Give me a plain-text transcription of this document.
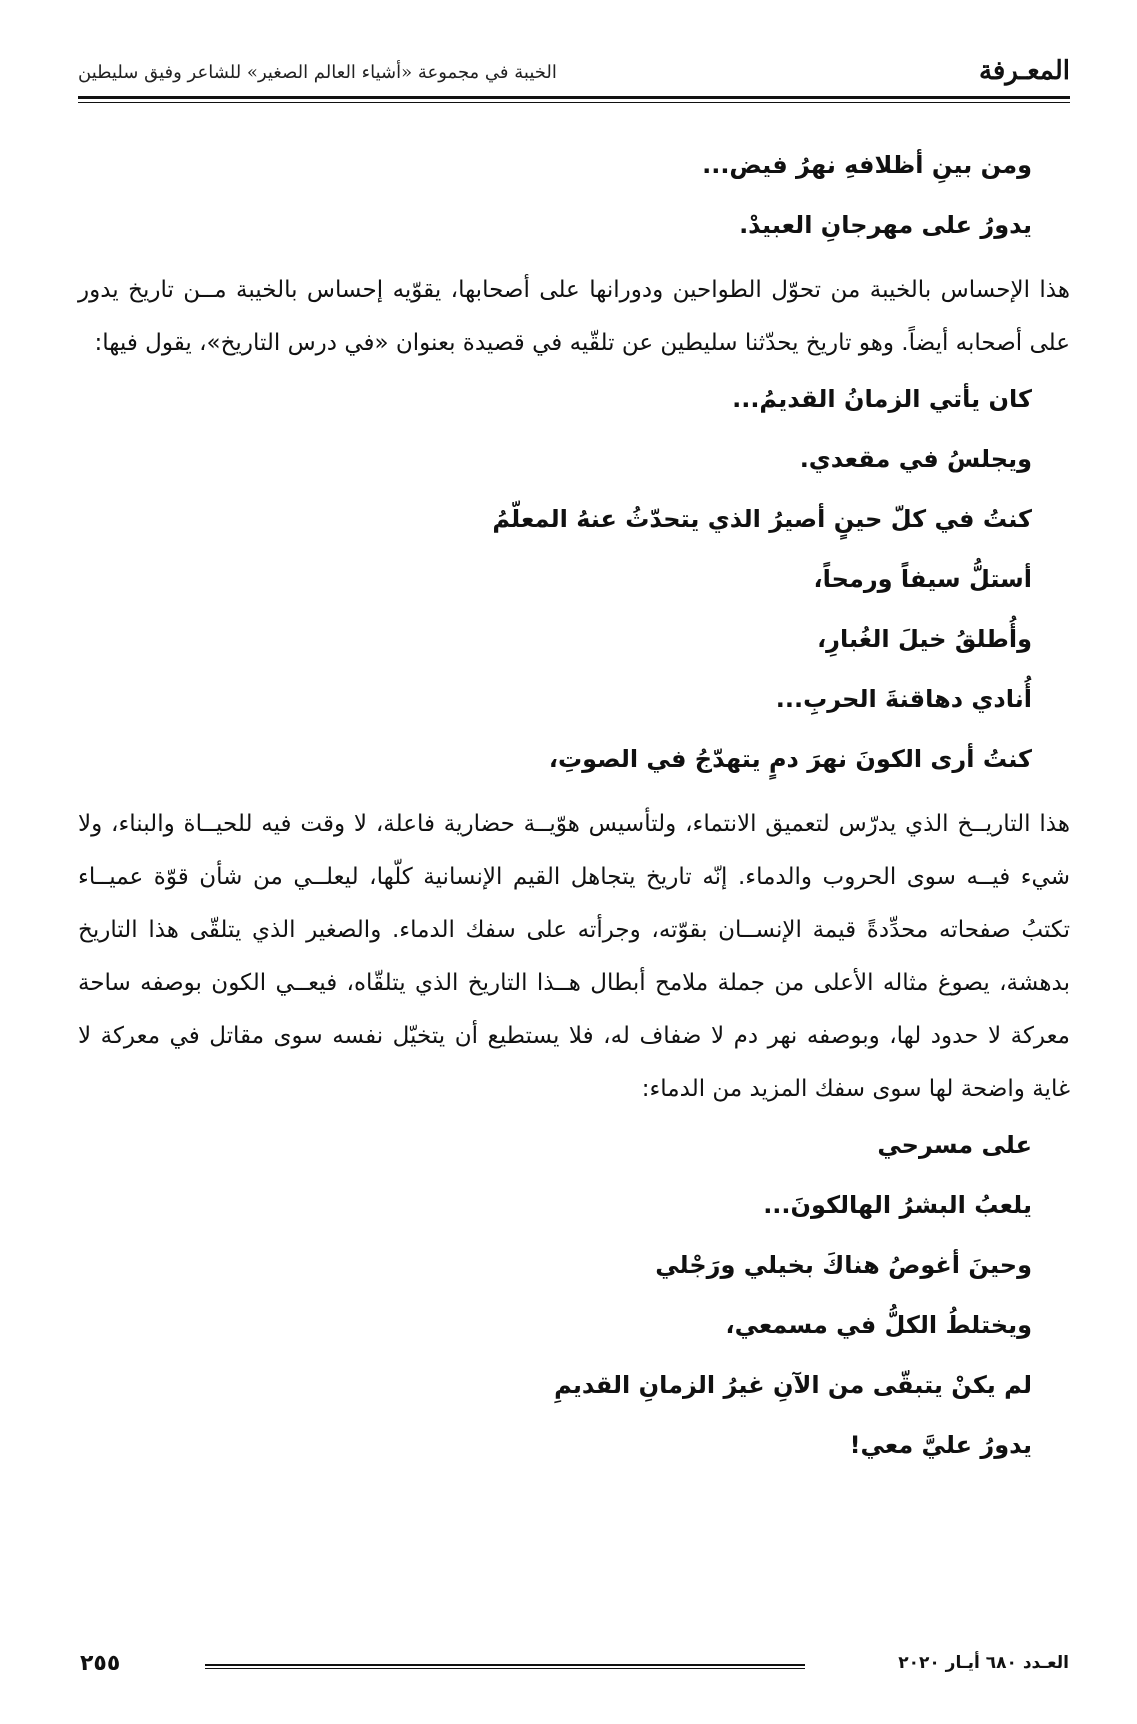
المعـرفة
الخيبة في مجموعة «أشياء العالم الصغير» للشاعر وفيق سليطين

ومن بينِ أظلافهِ نهرُ فيض...

يدورُ على مهرجانِ العبيدْ.

هذا الإحساس بالخيبة من تحوّل الطواحين ودورانها على أصحابها، يقوّيه إحساس بالخيبة مــن تاريخ يدور على أصحابه أيضاً. وهو تاريخ يحدّثنا سليطين عن تلقّيه في قصيدة بعنوان «في درس التاريخ»، يقول فيها:

كان يأتي الزمانُ القديمُ...

ويجلسُ في مقعدي.

كنتُ في كلّ حينٍ أصيرُ الذي يتحدّثُ عنهُ المعلّمُ

أستلُّ سيفاً ورمحاً،

وأُطلقُ خيلَ الغُبارِ،

أُنادي دهاقنةَ الحربِ...

كنتُ أرى الكونَ نهرَ دمٍ يتهدّجُ في الصوتِ،

هذا التاريــخ الذي يدرّس لتعميق الانتماء، ولتأسيس هوّيــة حضارية فاعلة، لا وقت فيه للحيــاة والبناء، ولا شيء فيــه سوى الحروب والدماء. إنّه تاريخ يتجاهل القيم الإنسانية كلّها، ليعلــي من شأن قوّة عميــاء تكتبُ صفحاته محدِّدةً قيمة الإنســان بقوّته، وجرأته على سفك الدماء. والصغير الذي يتلقّى هذا التاريخ بدهشة، يصوغ مثاله الأعلى من جملة ملامح أبطال هــذا التاريخ الذي يتلقّاه، فيعــي الكون بوصفه ساحة معركة لا حدود لها، وبوصفه نهر دم لا ضفاف له، فلا يستطيع أن يتخيّل نفسه سوى مقاتل في معركة لا غاية واضحة لها سوى سفك المزيد من الدماء:

على مسرحي

يلعبُ البشرُ الهالكونَ...

وحينَ أغوصُ هناكَ بخيلي ورَجْلي

ويختلطُ الكلُّ في مسمعي،

لم يكنْ يتبقّى من الآنِ غيرُ الزمانِ القديمِ

يدورُ عليَّ معي!

٢٥٥	العـدد ٦٨٠ أيـار ٢٠٢٠
